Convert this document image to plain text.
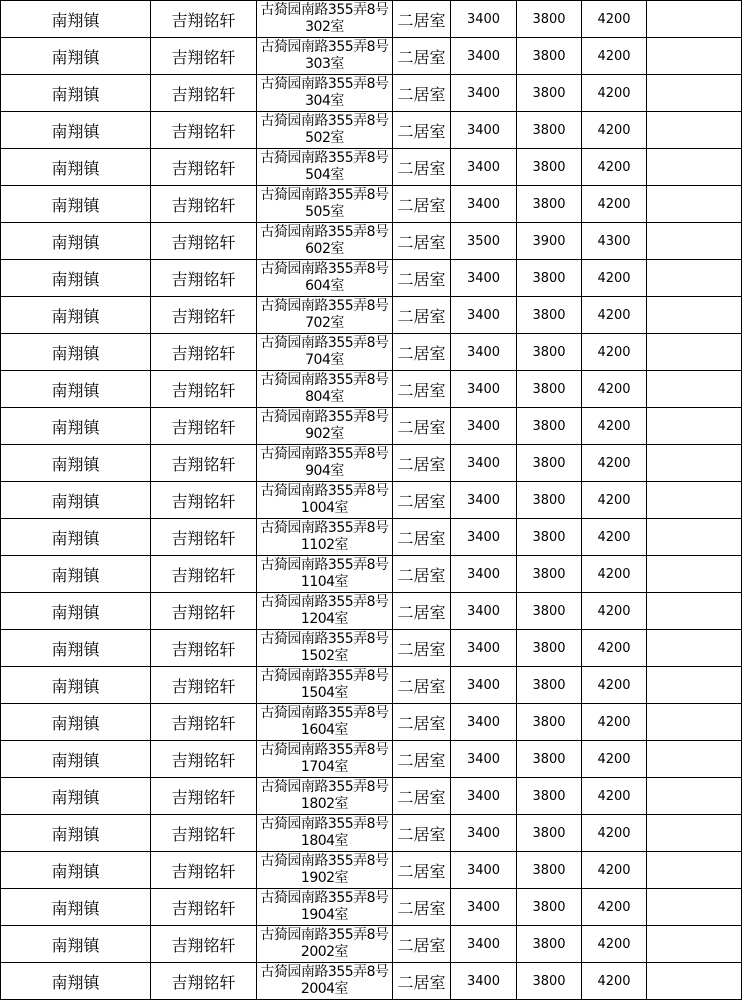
南翔镇	吉翔铭轩	古猗园南路355弄8号302室	二居室	3400	3800	4200	
南翔镇	吉翔铭轩	古猗园南路355弄8号303室	二居室	3400	3800	4200	
南翔镇	吉翔铭轩	古猗园南路355弄8号304室	二居室	3400	3800	4200	
南翔镇	吉翔铭轩	古猗园南路355弄8号502室	二居室	3400	3800	4200	
南翔镇	吉翔铭轩	古猗园南路355弄8号504室	二居室	3400	3800	4200	
南翔镇	吉翔铭轩	古猗园南路355弄8号505室	二居室	3400	3800	4200	
南翔镇	吉翔铭轩	古猗园南路355弄8号602室	二居室	3500	3900	4300	
南翔镇	吉翔铭轩	古猗园南路355弄8号604室	二居室	3400	3800	4200	
南翔镇	吉翔铭轩	古猗园南路355弄8号702室	二居室	3400	3800	4200	
南翔镇	吉翔铭轩	古猗园南路355弄8号704室	二居室	3400	3800	4200	
南翔镇	吉翔铭轩	古猗园南路355弄8号804室	二居室	3400	3800	4200	
南翔镇	吉翔铭轩	古猗园南路355弄8号902室	二居室	3400	3800	4200	
南翔镇	吉翔铭轩	古猗园南路355弄8号904室	二居室	3400	3800	4200	
南翔镇	吉翔铭轩	古猗园南路355弄8号1004室	二居室	3400	3800	4200	
南翔镇	吉翔铭轩	古猗园南路355弄8号1102室	二居室	3400	3800	4200	
南翔镇	吉翔铭轩	古猗园南路355弄8号1104室	二居室	3400	3800	4200	
南翔镇	吉翔铭轩	古猗园南路355弄8号1204室	二居室	3400	3800	4200	
南翔镇	吉翔铭轩	古猗园南路355弄8号1502室	二居室	3400	3800	4200	
南翔镇	吉翔铭轩	古猗园南路355弄8号1504室	二居室	3400	3800	4200	
南翔镇	吉翔铭轩	古猗园南路355弄8号1604室	二居室	3400	3800	4200	
南翔镇	吉翔铭轩	古猗园南路355弄8号1704室	二居室	3400	3800	4200	
南翔镇	吉翔铭轩	古猗园南路355弄8号1802室	二居室	3400	3800	4200	
南翔镇	吉翔铭轩	古猗园南路355弄8号1804室	二居室	3400	3800	4200	
南翔镇	吉翔铭轩	古猗园南路355弄8号1902室	二居室	3400	3800	4200	
南翔镇	吉翔铭轩	古猗园南路355弄8号1904室	二居室	3400	3800	4200	
南翔镇	吉翔铭轩	古猗园南路355弄8号2002室	二居室	3400	3800	4200	
南翔镇	吉翔铭轩	古猗园南路355弄8号2004室	二居室	3400	3800	4200	
